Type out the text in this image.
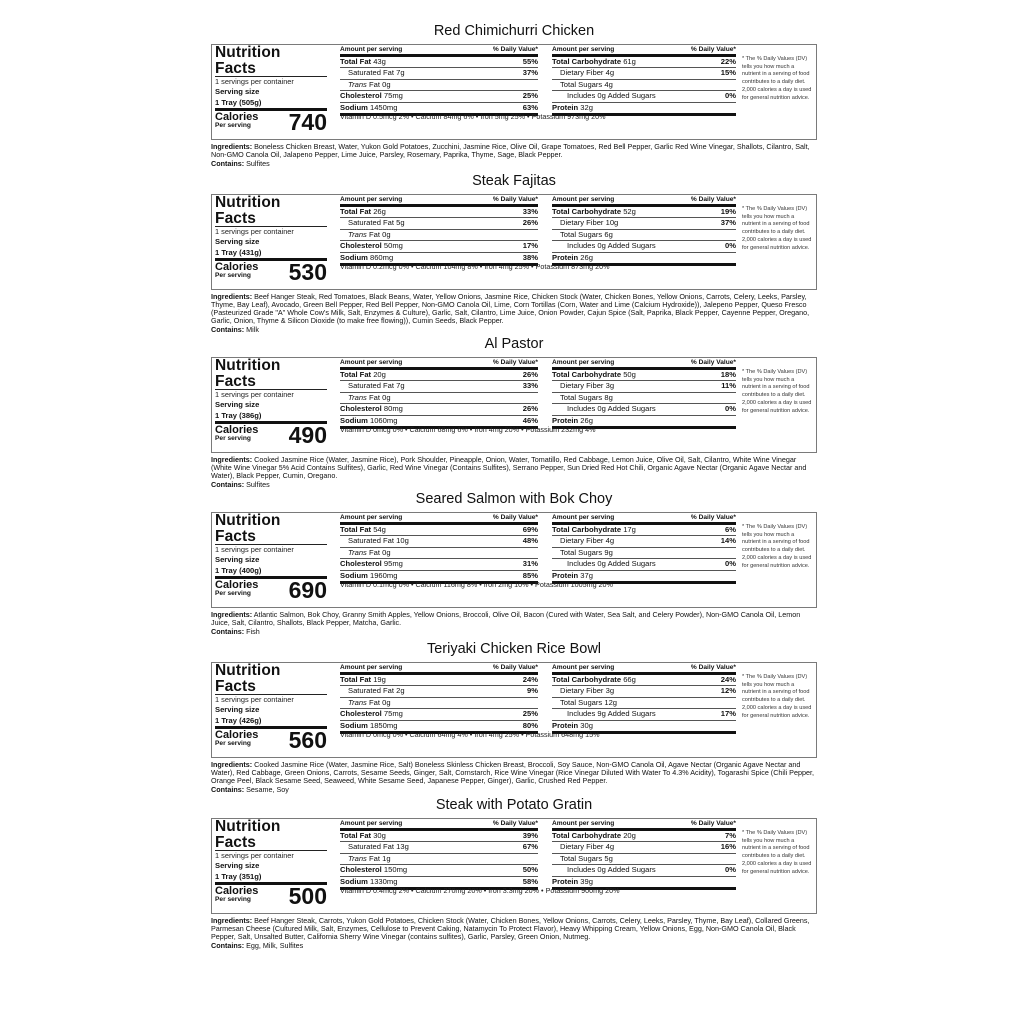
Red Chimichurri Chicken
Nutrition
Facts
1 servings per container
Serving size
1 Tray (505g)
Calories
Per serving 740
Amount per serving	% Daily Value*
Total Fat 43g	55%
Saturated Fat 7g	37%
Trans Fat 0g
Cholesterol 75mg	25%
Sodium 1450mg	63%
Amount per serving	% Daily Value*
Total Carbohydrate 61g	22%
Dietary Fiber 4g	15%
Total Sugars 4g
Includes 0g Added Sugars	0%
Protein 32g
Vitamin D 0.5mcg 2% • Calcium 84mg 6% • Iron 5mg 25% • Potassium 973mg 20%
* The % Daily Values (DV) tells you how much a nutrient in a serving of food contributes to a daily diet. 2,000 calories a day is used for general nutrition advice.
Ingredients: Boneless Chicken Breast, Water, Yukon Gold Potatoes, Zucchini, Jasmine Rice, Olive Oil, Grape Tomatoes, Red Bell Pepper, Garlic Red Wine Vinegar, Shallots, Cilantro, Salt, Non-GMO Canola Oil, Jalapeno Pepper, Lime Juice, Parsley, Rosemary, Paprika, Thyme, Sage, Black Pepper.
Contains: Sulfites
Steak Fajitas
Nutrition
Facts
1 servings per container
Serving size
1 Tray (431g)
Calories
Per serving 530
Amount per serving	% Daily Value*
Total Fat 26g	33%
Saturated Fat 5g	26%
Trans Fat 0g
Cholesterol 50mg	17%
Sodium 860mg	38%
Amount per serving	% Daily Value*
Total Carbohydrate 52g	19%
Dietary Fiber 10g	37%
Total Sugars 6g
Includes 0g Added Sugars	0%
Protein 26g
Vitamin D 0.2mcg 0% • Calcium 104mg 8% • Iron 4mg 25% • Potassium 873mg 20%
* The % Daily Values (DV) tells you how much a nutrient in a serving of food contributes to a daily diet. 2,000 calories a day is used for general nutrition advice.
Ingredients: Beef Hanger Steak, Red Tomatoes, Black Beans, Water, Yellow Onions, Jasmine Rice, Chicken Stock (Water, Chicken Bones, Yellow Onions, Carrots, Celery, Leeks, Parsley, Thyme, Bay Leaf), Avocado, Green Bell Pepper, Red Bell Pepper, Non-GMO Canola Oil, Lime, Corn Tortillas (Corn, Water and Lime (Calcium Hydroxide)), Jalepeno Pepper, Queso Fresco (Pasteurized Grade "A" Whole Cow's Milk, Salt, Enzymes & Culture), Garlic, Salt, Cilantro, Lime Juice, Onion Powder, Cajun Spice (Salt, Paprika, Black Pepper, Cayenne Pepper, Oregano, Garlic, Onion, Thyme & Silicon Dioxide (to make free flowing)), Cumin Seeds, Black Pepper.
Contains: Milk
Al Pastor
Nutrition
Facts
1 servings per container
Serving size
1 Tray (386g)
Calories
Per serving 490
Amount per serving	% Daily Value*
Total Fat 20g	26%
Saturated Fat 7g	33%
Trans Fat 0g
Cholesterol 80mg	26%
Sodium 1060mg	46%
Amount per serving	% Daily Value*
Total Carbohydrate 50g	18%
Dietary Fiber 3g	11%
Total Sugars 8g
Includes 0g Added Sugars	0%
Protein 26g
Vitamin D 0mcg 0% • Calcium 68mg 6% • Iron 4mg 20% • Potassium 232mg 4%
* The % Daily Values (DV) tells you how much a nutrient in a serving of food contributes to a daily diet. 2,000 calories a day is used for general nutrition advice.
Ingredients: Cooked Jasmine Rice (Water, Jasmine Rice), Pork Shoulder, Pineapple, Onion, Water, Tomatillo, Red Cabbage, Lemon Juice, Olive Oil, Salt, Cilantro, White Wine Vinegar (White Wine Vinegar 5% Acid Contains Sulfites), Garlic, Red Wine Vinegar (Contains Sulfites), Serrano Pepper, Sun Dried Red Hot Chili, Organic Agave Nectar (Organic Agave Nectar and Water), Black Pepper, Cumin, Oregano.
Contains: Sulfites
Seared Salmon with Bok Choy
Nutrition
Facts
1 servings per container
Serving size
1 Tray (400g)
Calories
Per serving 690
Amount per serving	% Daily Value*
Total Fat 54g	69%
Saturated Fat 10g	48%
Trans Fat 0g
Cholesterol 95mg	31%
Sodium 1960mg	85%
Amount per serving	% Daily Value*
Total Carbohydrate 17g	6%
Dietary Fiber 4g	14%
Total Sugars 9g
Includes 0g Added Sugars	0%
Protein 37g
Vitamin D 0.1mcg 0% • Calcium 116mg 8% • Iron 2mg 10% • Potassium 1005mg 20%
* The % Daily Values (DV) tells you how much a nutrient in a serving of food contributes to a daily diet. 2,000 calories a day is used for general nutrition advice.
Ingredients: Atlantic Salmon, Bok Choy, Granny Smith Apples, Yellow Onions, Broccoli, Olive Oil, Bacon (Cured with Water, Sea Salt, and Celery Powder), Non-GMO Canola Oil, Lemon Juice, Salt, Cilantro, Shallots, Black Pepper, Matcha, Garlic.
Contains: Fish
Teriyaki Chicken Rice Bowl
Nutrition
Facts
1 servings per container
Serving size
1 Tray (426g)
Calories
Per serving 560
Amount per serving	% Daily Value*
Total Fat 19g	24%
Saturated Fat 2g	9%
Trans Fat 0g
Cholesterol 75mg	25%
Sodium 1850mg	80%
Amount per serving	% Daily Value*
Total Carbohydrate 66g	24%
Dietary Fiber 3g	12%
Total Sugars 12g
Includes 9g Added Sugars	17%
Protein 30g
Vitamin D 0mcg 0% • Calcium 64mg 4% • Iron 4mg 25% • Potassium 648mg 15%
* The % Daily Values (DV) tells you how much a nutrient in a serving of food contributes to a daily diet. 2,000 calories a day is used for general nutrition advice.
Ingredients: Cooked Jasmine Rice (Water, Jasmine Rice, Salt) Boneless Skinless Chicken Breast, Broccoli, Soy Sauce, Non-GMO Canola Oil, Agave Nectar (Organic Agave Nectar and Water), Red Cabbage, Green Onions, Carrots, Sesame Seeds, Ginger, Salt, Cornstarch, Rice Wine Vinegar (Rice Vinegar Diluted With Water To 4.3% Acidity), Togarashi Spice (Chili Pepper, Orange Peel, Black Sesame Seed, Seaweed, White Sesame Seed, Japanese Pepper, Ginger), Garlic, Crushed Red Pepper.
Contains: Sesame, Soy
Steak with Potato Gratin
Nutrition
Facts
1 servings per container
Serving size
1 Tray (351g)
Calories
Per serving 500
Amount per serving	% Daily Value*
Total Fat 30g	39%
Saturated Fat 13g	67%
Trans Fat 1g
Cholesterol 150mg	50%
Sodium 1330mg	58%
Amount per serving	% Daily Value*
Total Carbohydrate 20g	7%
Dietary Fiber 4g	16%
Total Sugars 5g
Includes 0g Added Sugars	0%
Protein 39g
Vitamin D 0.4mcg 2% • Calcium 270mg 20% • Iron 3.3mg 20% • Potassium 900mg 20%
* The % Daily Values (DV) tells you how much a nutrient in a serving of food contributes to a daily diet. 2,000 calories a day is used for general nutrition advice.
Ingredients: Beef Hanger Steak, Carrots, Yukon Gold Potatoes, Chicken Stock (Water, Chicken Bones, Yellow Onions, Carrots, Celery, Leeks, Parsley, Thyme, Bay Leaf), Collared Greens, Parmesan Cheese (Cultured Milk, Salt, Enzymes, Cellulose to Prevent Caking, Natamycin To Protect Flavor), Heavy Whipping Cream, Yellow Onions, Egg, Non-GMO Canola Oil, Black Pepper, Salt, Unsalted Butter, California Sherry Wine Vinegar (contains sulfites), Garlic, Parsley, Green Onion, Nutmeg.
Contains: Egg, Milk, Sulfites
